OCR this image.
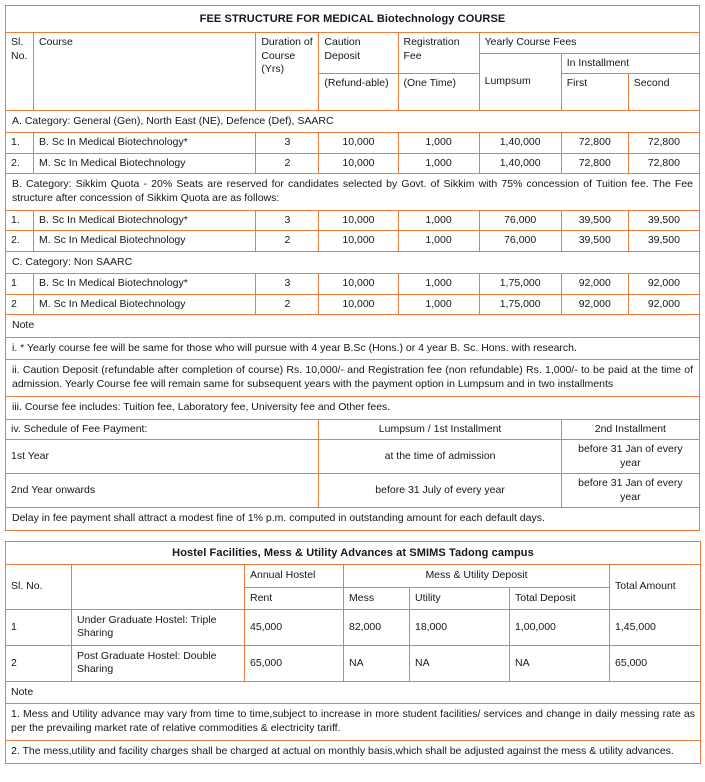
FEE STRUCTURE FOR MEDICAL Biotechnology COURSE							
Sl. No.	Course	Duration of Course (Yrs)	Caution Deposit	Registration Fee	Yearly Course Fees		
					Lumpsum	In Installment	
			(Refund-able)	(One Time)		First	Second
A. Category: General (Gen), North East (NE), Defence (Def), SAARC							
1.	B. Sc In Medical Biotechnology*	3	10,000	1,000	1,40,000	72,800	72,800
2.	M. Sc In Medical Biotechnology	2	10,000	1,000	1,40,000	72,800	72,800
B. Category: Sikkim Quota - 20% Seats are reserved for candidates selected by Govt. of Sikkim with 75% concession of Tuition fee. The Fee structure after concession of Sikkim Quota are as follows:							
1.	B. Sc In Medical Biotechnology*	3	10,000	1,000	76,000	39,500	39,500
2.	M. Sc In Medical Biotechnology	2	10,000	1,000	76,000	39,500	39,500
C. Category: Non SAARC							
1	B. Sc In Medical Biotechnology*	3	10,000	1,000	1,75,000	92,000	92,000
2	M. Sc In Medical Biotechnology	2	10,000	1,000	1,75,000	92,000	92,000
Note							
i. * Yearly course fee will be same for those who will pursue with 4 year B.Sc (Hons.) or 4 year B. Sc. Hons. with research.							
ii. Caution Deposit (refundable after completion of course) Rs. 10,000/- and Registration fee (non refundable) Rs. 1,000/- to be paid at the time of admission. Yearly Course fee will remain same for subsequent years with the payment option in Lumpsum and in two installments							
iii. Course fee includes: Tuition fee, Laboratory fee, University fee and Other fees.							
iv. Schedule of Fee Payment:			Lumpsum / 1st Installment			2nd Installment	
1st Year			at the time of admission			before 31 Jan of every year	
2nd Year onwards			before 31 July of every year			before 31 Jan of every year	
Delay in fee payment shall attract a modest fine of 1% p.m. computed in outstanding amount for each default days.							
Hostel Facilities, Mess & Utility Advances at SMIMS Tadong campus						
Sl. No.		Annual Hostel	Mess & Utility Deposit			Total Amount
		Rent	Mess	Utility	Total Deposit	
1	Under Graduate Hostel: Triple Sharing	45,000	82,000	18,000	1,00,000	1,45,000
2	Post Graduate Hostel: Double Sharing	65,000	NA	NA	NA	65,000
Note						
1. Mess and Utility advance may vary from time to time,subject to increase in more student facilities/ services and change in daily messing rate as per the prevailing market rate of relative commodities & electricity tariff.						
2. The mess,utility and facility charges shall be charged at actual on monthly basis,which shall be adjusted against the mess & utility advances.						
